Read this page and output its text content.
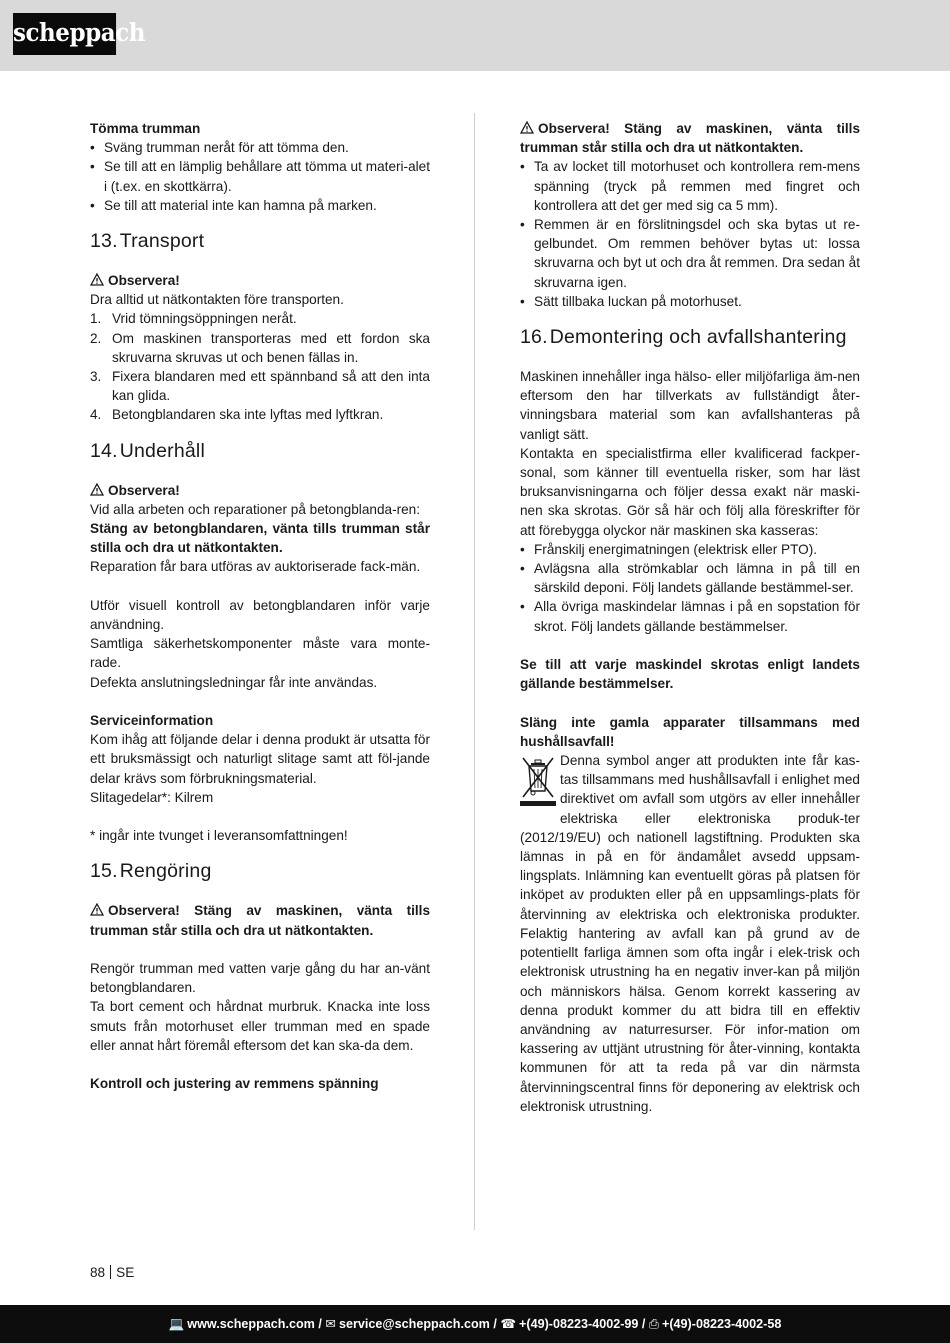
scheppach

Tömma trumman

• Sväng trumman neråt för att tömma den.
• Se till att en lämplig behållare att tömma ut materi-alet i (t.ex. en skottkärra).
• Se till att material inte kan hamna på marken.
13. Transport

Observera!

Dra alltid ut nätkontakten före transporten.

1. Vrid tömningsöppningen neråt.
2. Om maskinen transporteras med ett fordon ska skruvarna skruvas ut och benen fällas in.
3. Fixera blandaren med ett spännband så att den inta kan glida.
4. Betongblandaren ska inte lyftas med lyftkran.
14. Underhåll

Observera!

Vid alla arbeten och reparationer på betongblanda-ren:

Stäng av betongblandaren, vänta tills trumman står stilla och dra ut nätkontakten.

Reparation får bara utföras av auktoriserade fack-män.

Utför visuell kontroll av betongblandaren inför varje användning.

Samtliga säkerhetskomponenter måste vara monte-rade.

Defekta anslutningsledningar får inte användas.

Serviceinformation

Kom ihåg att följande delar i denna produkt är utsatta för ett bruksmässigt och naturligt slitage samt att föl-jande delar krävs som förbrukningsmaterial.

Slitagedelar*: Kilrem

* ingår inte tvunget i leveransomfattningen!

15. Rengöring

Observera! Stäng av maskinen, vänta tills trumman står stilla och dra ut nätkontakten.

Rengör trumman med vatten varje gång du har an-vänt betongblandaren.

Ta bort cement och hårdnat murbruk. Knacka inte loss smuts från motorhuset eller trumman med en spade eller annat hårt föremål eftersom det kan ska-da dem.

Kontroll och justering av remmens spänning

Observera! Stäng av maskinen, vänta tills trumman står stilla och dra ut nätkontakten.

• Ta av locket till motorhuset och kontrollera rem-mens spänning (tryck på remmen med fingret och kontrollera att det ger med sig ca 5 mm).
• Remmen är en förslitningsdel och ska bytas ut re-gelbundet. Om remmen behöver bytas ut: lossa skruvarna och byt ut och dra åt remmen. Dra sedan åt skruvarna igen.
• Sätt tillbaka luckan på motorhuset.
16. Demontering och avfallshantering

Maskinen innehåller inga hälso- eller miljöfarliga äm-nen eftersom den har tillverkats av fullständigt åter-vinningsbara material som kan avfallshanteras på vanligt sätt.

Kontakta en specialistfirma eller kvalificerad fackper-sonal, som känner till eventuella risker, som har läst bruksanvisningarna och följer dessa exakt när maski-nen ska skrotas. Gör så här och följ alla föreskrifter för att förebygga olyckor när maskinen ska kasseras:

• Frånskilj energimatningen (elektrisk eller PTO).
• Avlägsna alla strömkablar och lämna in på till en särskild deponi. Följ landets gällande bestämmel-ser.
• Alla övriga maskindelar lämnas i på en sopstation för skrot. Följ landets gällande bestämmelser.

Se till att varje maskindel skrotas enligt landets gällande bestämmelser.

Släng inte gamla apparater tillsammans med hushållsavfall!

Denna symbol anger att produkten inte får kas-tas tillsammans med hushållsavfall i enlighet med direktivet om avfall som utgörs av eller innehåller elektriska eller elektroniska produk-ter (2012/19/EU) och nationell lagstiftning. Produkten ska lämnas in på en för ändamålet avsedd uppsam-lingsplats. Inlämning kan eventuellt göras på platsen för inköpet av produkten eller på en uppsamlings-plats för återvinning av elektriska och elektroniska produkter. Felaktig hantering av avfall kan på grund av de potentiellt farliga ämnen som ofta ingår i elek-trisk och elektronisk utrustning ha en negativ inver-kan på miljön och människors hälsa. Genom korrekt kassering av denna produkt kommer du att bidra till en effektiv användning av naturresurser. För infor-mation om kassering av uttjänt utrustning för åter-vinning, kontakta kommunen för att ta reda på var din närmsta återvinningscentral finns för deponering av elektrisk och elektronisk utrustning.

88 SE
💻 www.scheppach.com / ✉ service@scheppach.com / ☎ +(49)-08223-4002-99 / ⎙ +(49)-08223-4002-58
